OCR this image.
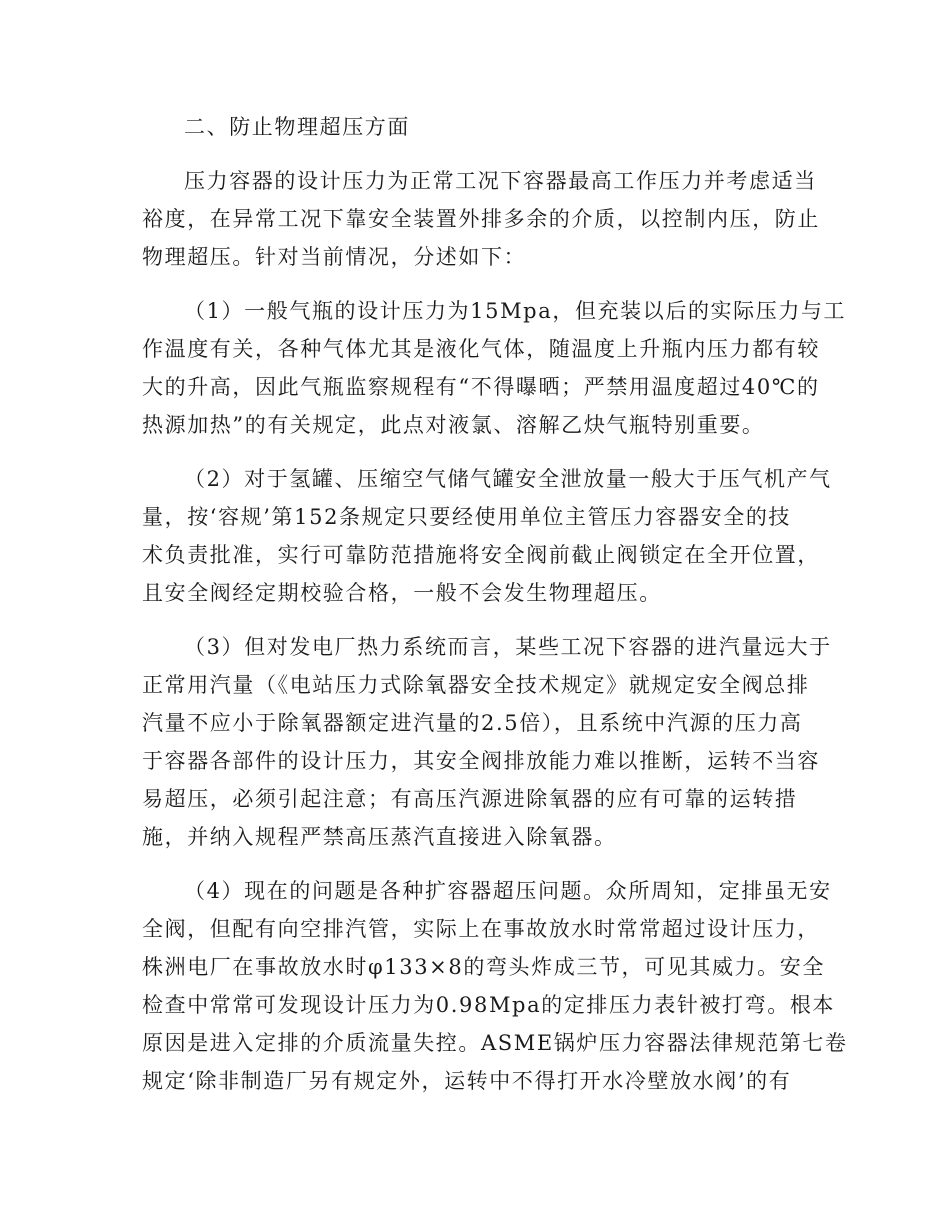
二、防止物理超压方面
压力容器的设计压力为正常工况下容器最高工作压力并考虑适当
裕度，在异常工况下靠安全装置外排多余的介质，以控制内压，防止
物理超压。针对当前情况，分述如下：
（1）一般气瓶的设计压力为15Mpa，但充装以后的实际压力与工
作温度有关，各种气体尤其是液化气体，随温度上升瓶内压力都有较
大的升高，因此气瓶监察规程有“不得曝晒；严禁用温度超过40℃的
热源加热”的有关规定，此点对液氯、溶解乙炔气瓶特别重要。
（2）对于氢罐、压缩空气储气罐安全泄放量一般大于压气机产气
量，按‘容规’第152条规定只要经使用单位主管压力容器安全的技
术负责批准，实行可靠防范措施将安全阀前截止阀锁定在全开位置，
且安全阀经定期校验合格，一般不会发生物理超压。
（3）但对发电厂热力系统而言，某些工况下容器的进汽量远大于
正常用汽量（《电站压力式除氧器安全技术规定》就规定安全阀总排
汽量不应小于除氧器额定进汽量的2.5倍），且系统中汽源的压力高
于容器各部件的设计压力，其安全阀排放能力难以推断，运转不当容
易超压，必须引起注意；有高压汽源进除氧器的应有可靠的运转措
施，并纳入规程严禁高压蒸汽直接进入除氧器。
（4）现在的问题是各种扩容器超压问题。众所周知，定排虽无安
全阀，但配有向空排汽管，实际上在事故放水时常常超过设计压力，
株洲电厂在事故放水时φ133×8的弯头炸成三节，可见其威力。安全
检查中常常可发现设计压力为0.98Mpa的定排压力表针被打弯。根本
原因是进入定排的介质流量失控。ASME锅炉压力容器法律规范第七卷
规定‘除非制造厂另有规定外，运转中不得打开水冷壁放水阀’的有
